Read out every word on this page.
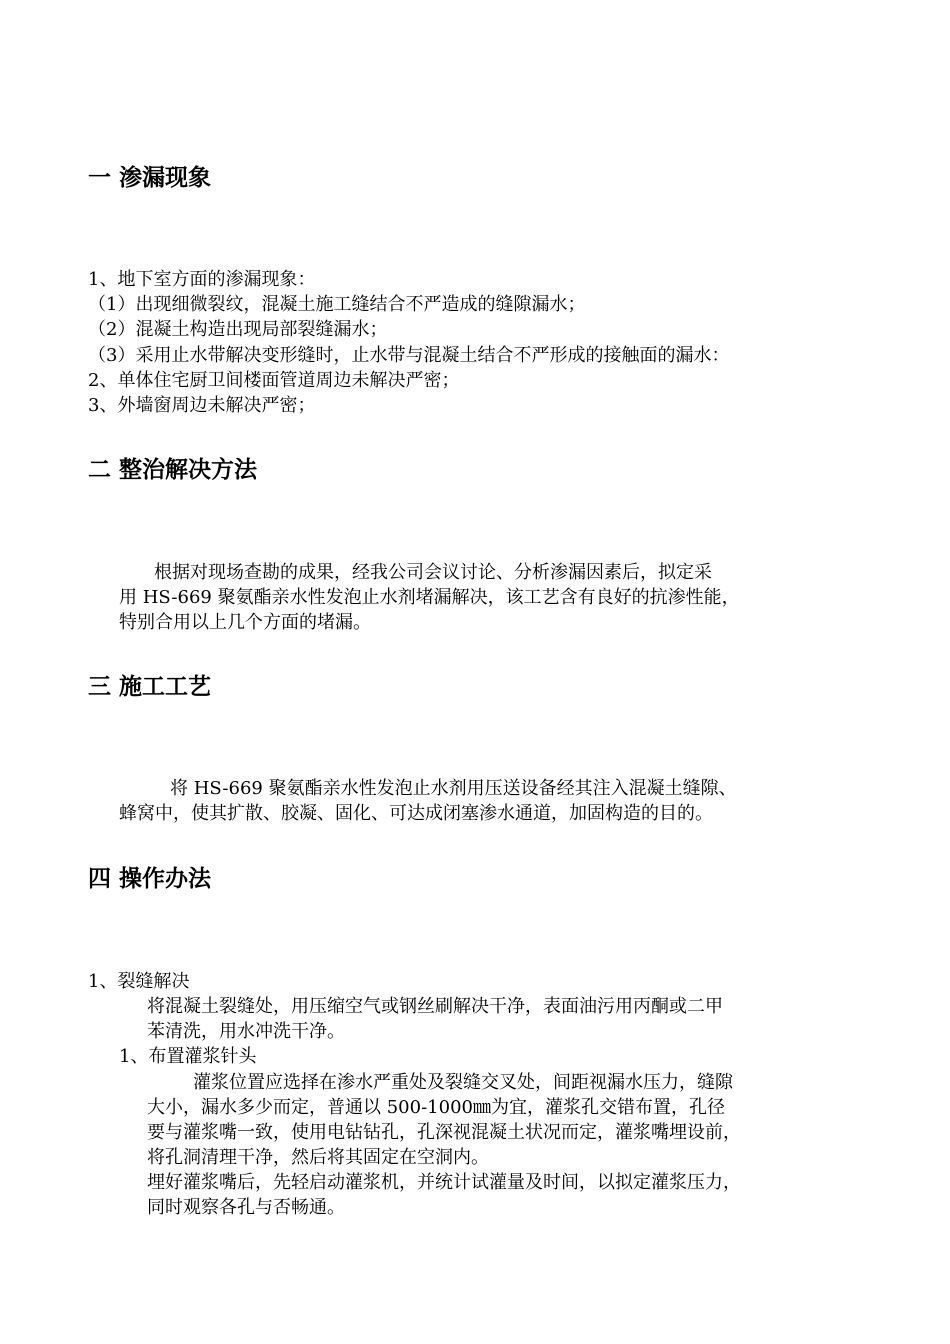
一 渗漏现象

1、地下室方面的渗漏现象：

（1）出现细微裂纹，混凝土施工缝结合不严造成的缝隙漏水；

（2）混凝土构造出现局部裂缝漏水；

（3）采用止水带解决变形缝时，止水带与混凝土结合不严形成的接触面的漏水：

2、单体住宅厨卫间楼面管道周边未解决严密；

3、外墙窗周边未解决严密；

二 整治解决方法

根据对现场查勘的成果，经我公司会议讨论、分析渗漏因素后，拟定采

用 HS-669 聚氨酯亲水性发泡止水剂堵漏解决，该工艺含有良好的抗渗性能，

特别合用以上几个方面的堵漏。

三 施工工艺

将 HS-669 聚氨酯亲水性发泡止水剂用压送设备经其注入混凝土缝隙、

蜂窝中，使其扩散、胶凝、固化、可达成闭塞渗水通道，加固构造的目的。

四 操作办法

1、裂缝解决

将混凝土裂缝处，用压缩空气或钢丝刷解决干净，表面油污用丙酮或二甲

苯清洗，用水冲洗干净。

1、布置灌浆针头

灌浆位置应选择在渗水严重处及裂缝交叉处，间距视漏水压力，缝隙

大小，漏水多少而定，普通以 500-1000㎜为宜，灌浆孔交错布置，孔径

要与灌浆嘴一致，使用电钻钻孔，孔深视混凝土状况而定，灌浆嘴埋设前，

将孔洞清理干净，然后将其固定在空洞内。

埋好灌浆嘴后，先轻启动灌浆机，并统计试灌量及时间，以拟定灌浆压力，

同时观察各孔与否畅通。
